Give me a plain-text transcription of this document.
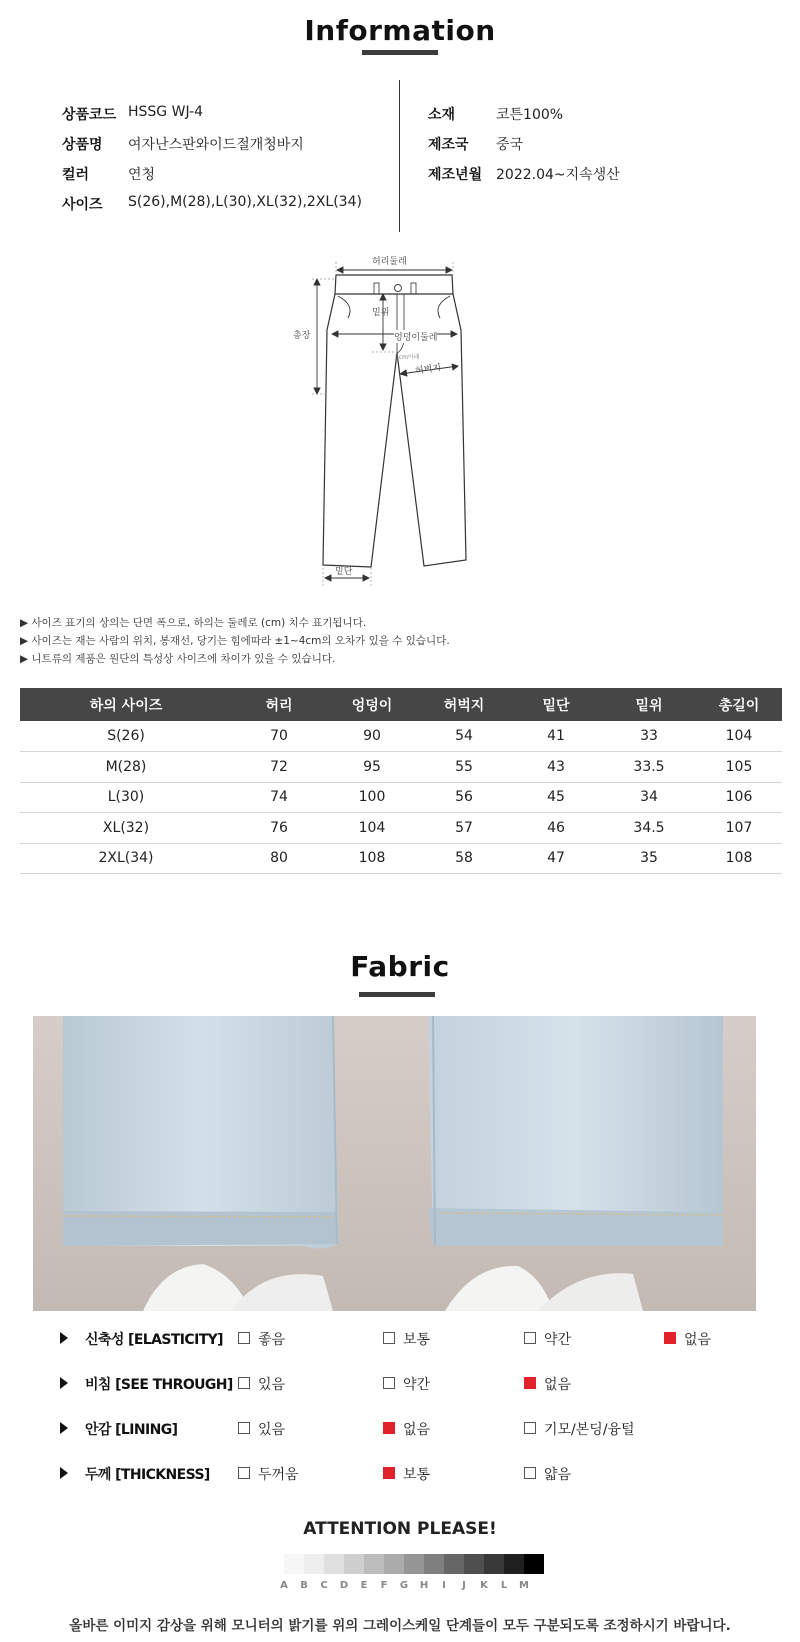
Information
상품코드 HSSG WJ-4
상품명 여자난스판와이드절개청바지
컬러	연청
사이즈 S(26),M(28),L(30),XL(32),2XL(34)
소재	코튼100%
제조국 중국
제조년월 2022.04~지속생산
허리둘레
총장
밑위
엉덩이둘레
5cm아래
허벅지
밑단
▶ 사이즈 표기의 상의는 단면 폭으로, 하의는 둘레로 (cm) 치수 표기됩니다.
▶ 사이즈는 재는 사람의 위치, 봉재선, 당기는 힘에따라 ±1~4cm의 오차가 있을 수 있습니다.
▶ 니트류의 제품은 원단의 특성상 사이즈에 차이가 있을 수 있습니다.
하의 사이즈	허리	엉덩이	허벅지	밑단	밑위	총길이
S(26)	70	90	54	41	33	104
M(28)	72	95	55	43	33.5	105
L(30)	74	100	56	45	34	106
XL(32)	76	104	57	46	34.5	107
2XL(34)	80	108	58	47	35	108
Fabric
신축성 [ELASTICITY]	좋음	보통	약간	없음
비침 [SEE THROUGH] 있음	약간	없음
안감 [LINING]	있음	없음	기모/본딩/융털
두께 [THICKNESS]	두꺼움	보통	얇음
ATTENTION PLEASE!
A	B	C	D	E	F	G	H	I	J	K	L	M
올바른 이미지 감상을 위해 모니터의 밝기를 위의 그레이스케일 단계들이 모두 구분되도록 조정하시기 바랍니다.
